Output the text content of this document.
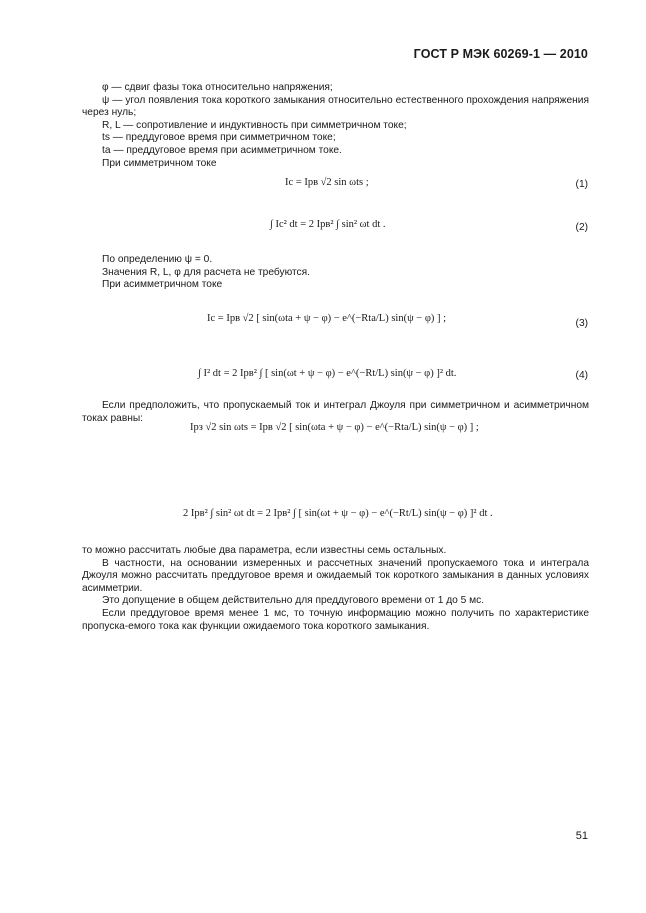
ГОСТ Р МЭК 60269-1 — 2010

φ — сдвиг фазы тока относительно напряжения;

ψ — угол появления тока короткого замыкания относительно естественного прохождения напряжения через нуль;

R, L — сопротивление и индуктивность при симметричном токе;

ts — преддуговое время при симметричном токе;

ta — преддуговое время при асимметричном токе.

При симметричном токе

Ic = Ipв √2 sin ωts ;	(1)
∫ Ic² dt = 2 Ipв² ∫ sin² ωt dt .	(2)

По определению ψ = 0.

Значения R, L, φ для расчета не требуются.

При асимметричном токе

Ic = Ipв √2 [ sin(ωta + ψ − φ) − e^(−Rta/L) sin(ψ − φ) ] ;	(3)
∫ I² dt = 2 Ipв² ∫ [ sin(ωt + ψ − φ) − e^(−Rt/L) sin(ψ − φ) ]² dt.	(4)

Если предположить, что пропускаемый ток и интеграл Джоуля при симметричном и асимметричном токах равны:

Ipз √2 sin ωts = Ipв √2 [ sin(ωta + ψ − φ) − e^(−Rta/L) sin(ψ − φ) ] ;
2 Ipв² ∫ sin² ωt dt = 2 Ipв² ∫ [ sin(ωt + ψ − φ) − e^(−Rt/L) sin(ψ − φ) ]² dt .

то можно рассчитать любые два параметра, если известны семь остальных.

В частности, на основании измеренных и рассчетных значений пропускаемого тока и интеграла Джоуля можно рассчитать преддуговое время и ожидаемый ток короткого замыкания в данных условиях асимметрии.

Это допущение в общем действительно для преддугового времени от 1 до 5 мс.

Если преддуговое время менее 1 мс, то точную информацию можно получить по характеристике пропуска-емого тока как функции ожидаемого тока короткого замыкания.

51
